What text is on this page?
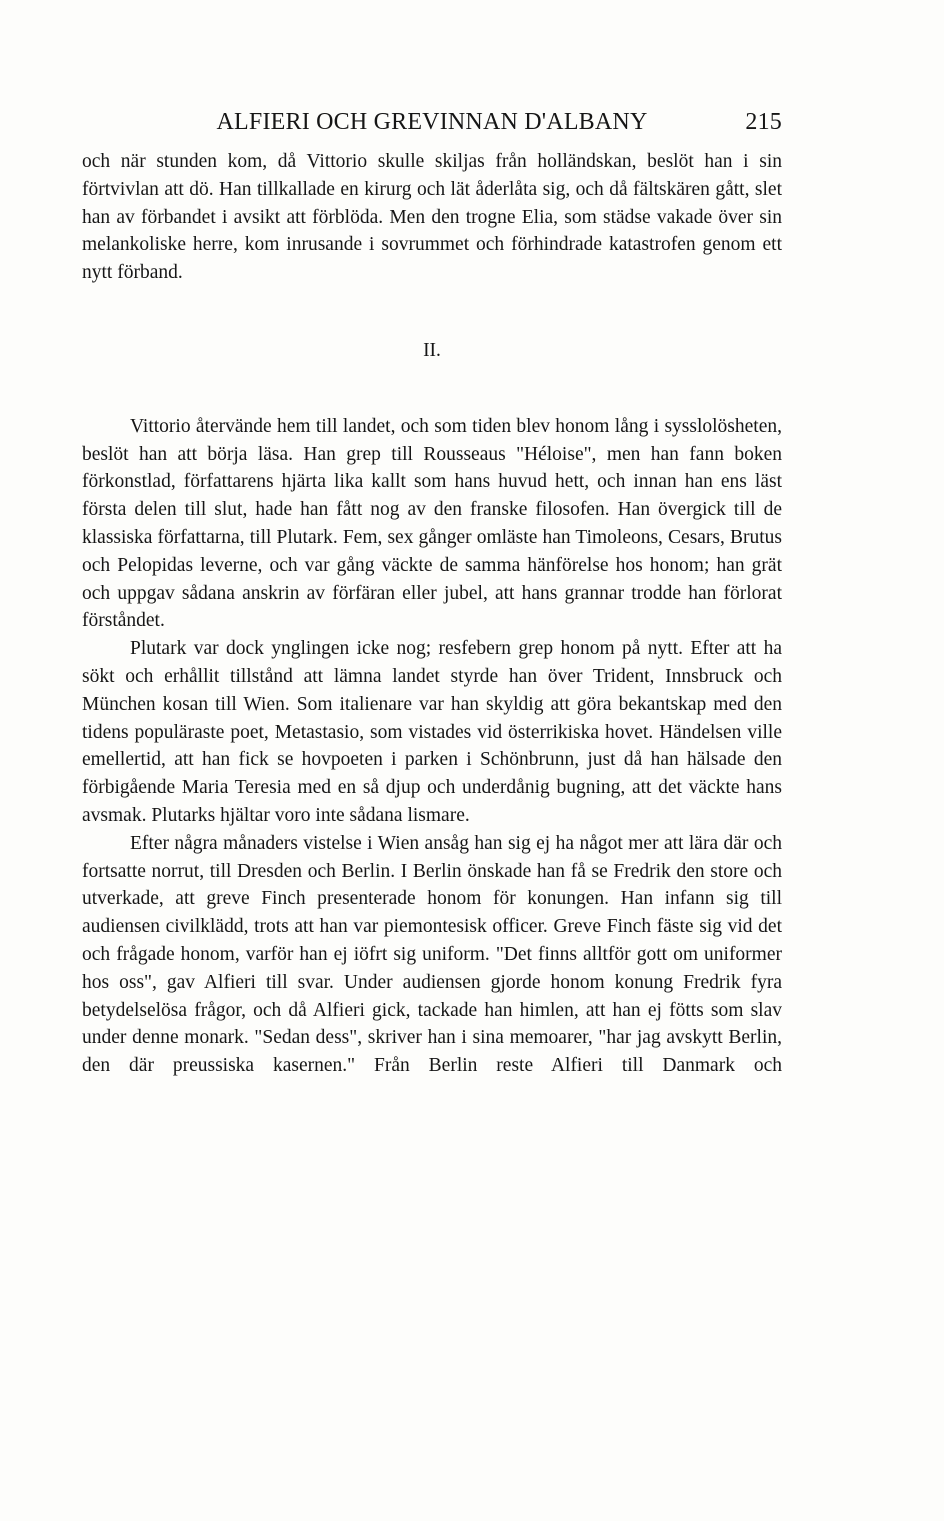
ALFIERI OCH GREVINNAN D'ALBANY	215

och när stunden kom, då Vittorio skulle skiljas från holländskan, beslöt han i sin förtvivlan att dö. Han tillkallade en kirurg och lät åderlåta sig, och då fältskären gått, slet han av förbandet i avsikt att förblöda. Men den trogne Elia, som städse vakade över sin melankoliske herre, kom inrusande i sovrummet och förhindrade katastrofen genom ett nytt förband.

II.

Vittorio återvände hem till landet, och som tiden blev honom lång i sysslolösheten, beslöt han att börja läsa. Han grep till Rousseaus "Héloise", men han fann boken förkonstlad, författarens hjärta lika kallt som hans huvud hett, och innan han ens läst första delen till slut, hade han fått nog av den franske filosofen. Han övergick till de klassiska författarna, till Plutark. Fem, sex gånger omläste han Timoleons, Cesars, Brutus och Pelopidas leverne, och var gång väckte de samma hänförelse hos honom; han grät och uppgav sådana anskrin av förfäran eller jubel, att hans grannar trodde han förlorat förståndet.

Plutark var dock ynglingen icke nog; resfebern grep honom på nytt. Efter att ha sökt och erhållit tillstånd att lämna landet styrde han över Trident, Innsbruck och München kosan till Wien. Som italienare var han skyldig att göra bekantskap med den tidens populäraste poet, Metastasio, som vistades vid österrikiska hovet. Händelsen ville emellertid, att han fick se hovpoeten i parken i Schönbrunn, just då han hälsade den förbigående Maria Teresia med en så djup och underdånig bugning, att det väckte hans avsmak. Plutarks hjältar voro inte sådana lismare.

Efter några månaders vistelse i Wien ansåg han sig ej ha något mer att lära där och fortsatte norrut, till Dresden och Berlin. I Berlin önskade han få se Fredrik den store och utverkade, att greve Finch presenterade honom för konungen. Han infann sig till audiensen civilklädd, trots att han var piemontesisk officer. Greve Finch fäste sig vid det och frågade honom, varför han ej iöfrt sig uniform. "Det finns alltför gott om uniformer hos oss", gav Alfieri till svar. Under audiensen gjorde honom konung Fredrik fyra betydelselösa frågor, och då Alfieri gick, tackade han himlen, att han ej fötts som slav under denne monark. "Sedan dess", skriver han i sina memoarer, "har jag avskytt Berlin, den där preussiska kasernen." Från Berlin reste Alfieri till Danmark och
